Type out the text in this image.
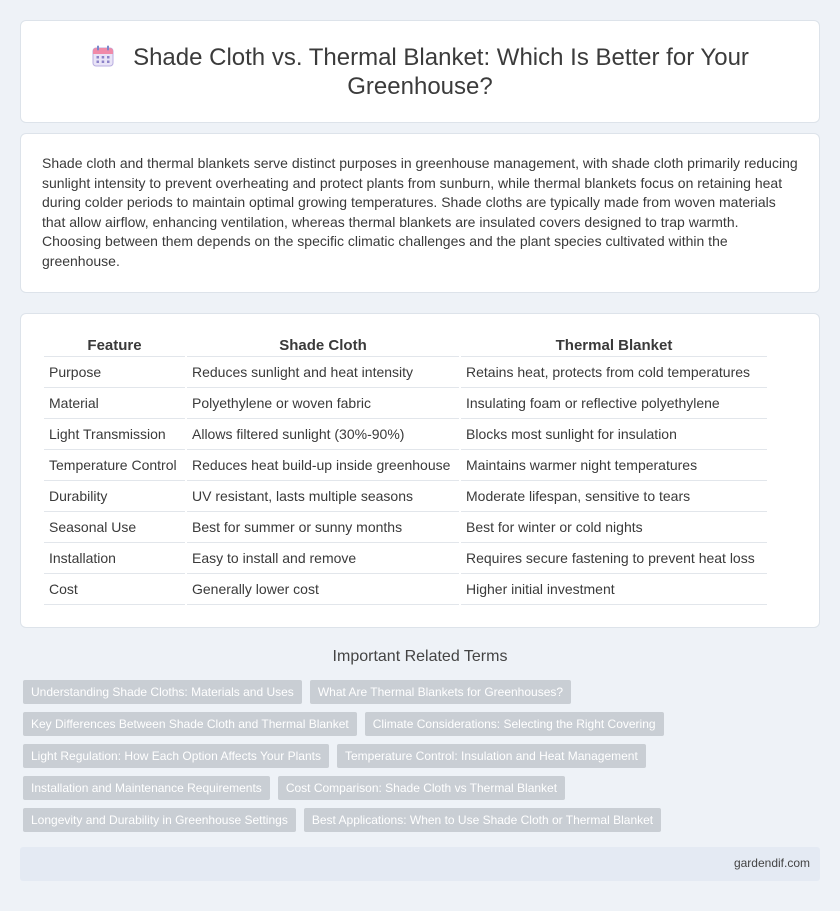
Shade Cloth vs. Thermal Blanket: Which Is Better for Your Greenhouse?

Shade cloth and thermal blankets serve distinct purposes in greenhouse management, with shade cloth primarily reducing sunlight intensity to prevent overheating and protect plants from sunburn, while thermal blankets focus on retaining heat during colder periods to maintain optimal growing temperatures. Shade cloths are typically made from woven materials that allow airflow, enhancing ventilation, whereas thermal blankets are insulated covers designed to trap warmth. Choosing between them depends on the specific climatic challenges and the plant species cultivated within the greenhouse.

Feature	Shade Cloth	Thermal Blanket
Purpose	Reduces sunlight and heat intensity	Retains heat, protects from cold temperatures
Material	Polyethylene or woven fabric	Insulating foam or reflective polyethylene
Light Transmission	Allows filtered sunlight (30%-90%)	Blocks most sunlight for insulation
Temperature Control	Reduces heat build-up inside greenhouse	Maintains warmer night temperatures
Durability	UV resistant, lasts multiple seasons	Moderate lifespan, sensitive to tears
Seasonal Use	Best for summer or sunny months	Best for winter or cold nights
Installation	Easy to install and remove	Requires secure fastening to prevent heat loss
Cost	Generally lower cost	Higher initial investment
Important Related Terms
Understanding Shade Cloths: Materials and Uses	What Are Thermal Blankets for Greenhouses?
Key Differences Between Shade Cloth and Thermal Blanket	Climate Considerations: Selecting the Right Covering
Light Regulation: How Each Option Affects Your Plants	Temperature Control: Insulation and Heat Management
Installation and Maintenance Requirements	Cost Comparison: Shade Cloth vs Thermal Blanket
Longevity and Durability in Greenhouse Settings	Best Applications: When to Use Shade Cloth or Thermal Blanket
gardendif.com
